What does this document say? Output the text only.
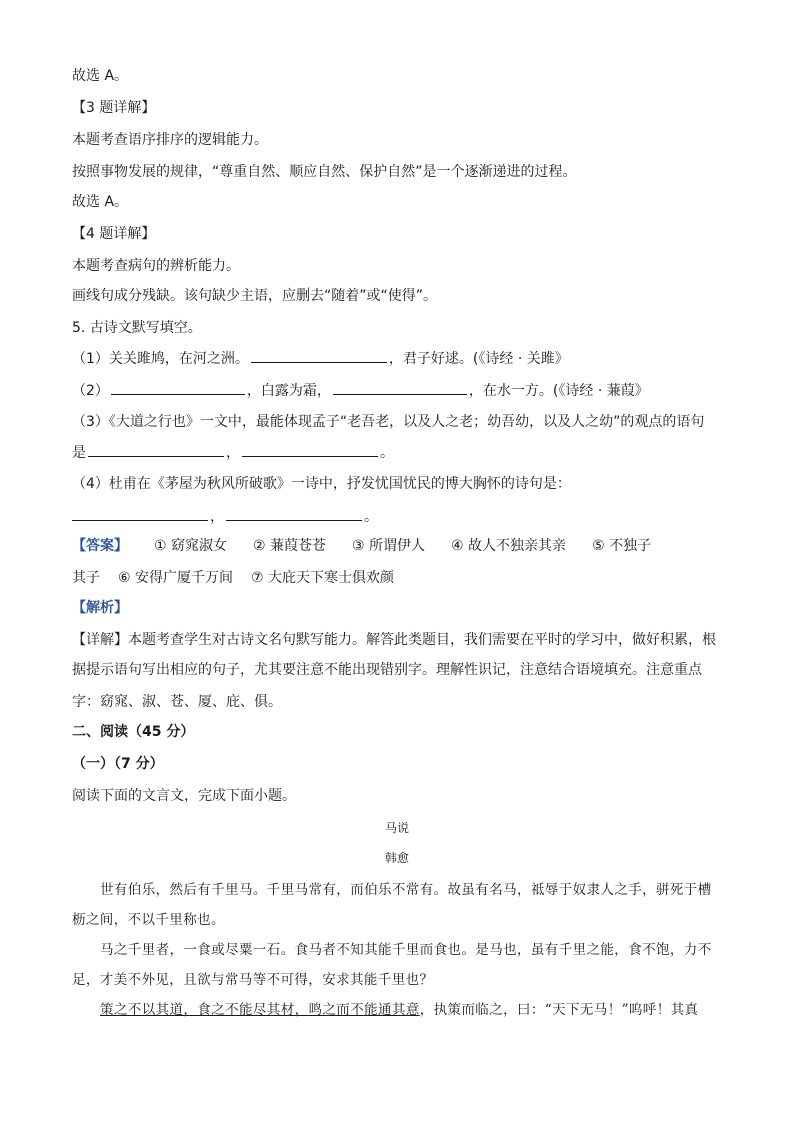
故选 A。
【3 题详解】
本题考查语序排序的逻辑能力。
按照事物发展的规律，“尊重自然、顺应自然、保护自然”是一个逐渐递进的过程。
故选 A。
【4 题详解】
本题考查病句的辨析能力。
画线句成分残缺。该句缺少主语，应删去“随着”或“使得”。
5. 古诗文默写填空。
（1）关关雎鸠，在河之洲。	，君子好逑。(《诗经 · 关雎》
（2）	，白露为霜，	，在水一方。(《诗经 · 蒹葭》
（3）《大道之行也》一文中，最能体现孟子“老吾老，以及人之老；幼吾幼，以及人之幼”的观点的语句
是	，	。
（4）杜甫在《茅屋为秋风所破歌》一诗中，抒发忧国忧民的博大胸怀的诗句是：
，	。
【答案】 ① 窈窕淑女 ② 蒹葭苍苍 ③ 所谓伊人 ④ 故人不独亲其亲 ⑤ 不独子
其子 ⑥ 安得广厦千万间 ⑦ 大庇天下寒士俱欢颜
【解析】
【详解】本题考查学生对古诗文名句默写能力。解答此类题目，我们需要在平时的学习中，做好积累，根
据提示语句写出相应的句子，尤其要注意不能出现错别字。理解性识记，注意结合语境填充。注意重点
字：窈窕、淑、苍、厦、庇、俱。
二、阅读（45 分）
（一）（7 分）
阅读下面的文言文，完成下面小题。
马说
韩愈
世有伯乐，然后有千里马。千里马常有，而伯乐不常有。故虽有名马，祗辱于奴隶人之手，骈死于槽
枥之间，不以千里称也。
马之千里者，一食或尽粟一石。食马者不知其能千里而食也。是马也，虽有千里之能，食不饱，力不
足，才美不外见，且欲与常马等不可得，安求其能千里也？
策之不以其道，食之不能尽其材，鸣之而不能通其意，执策而临之，曰：“天下无马！”呜呼！其真
